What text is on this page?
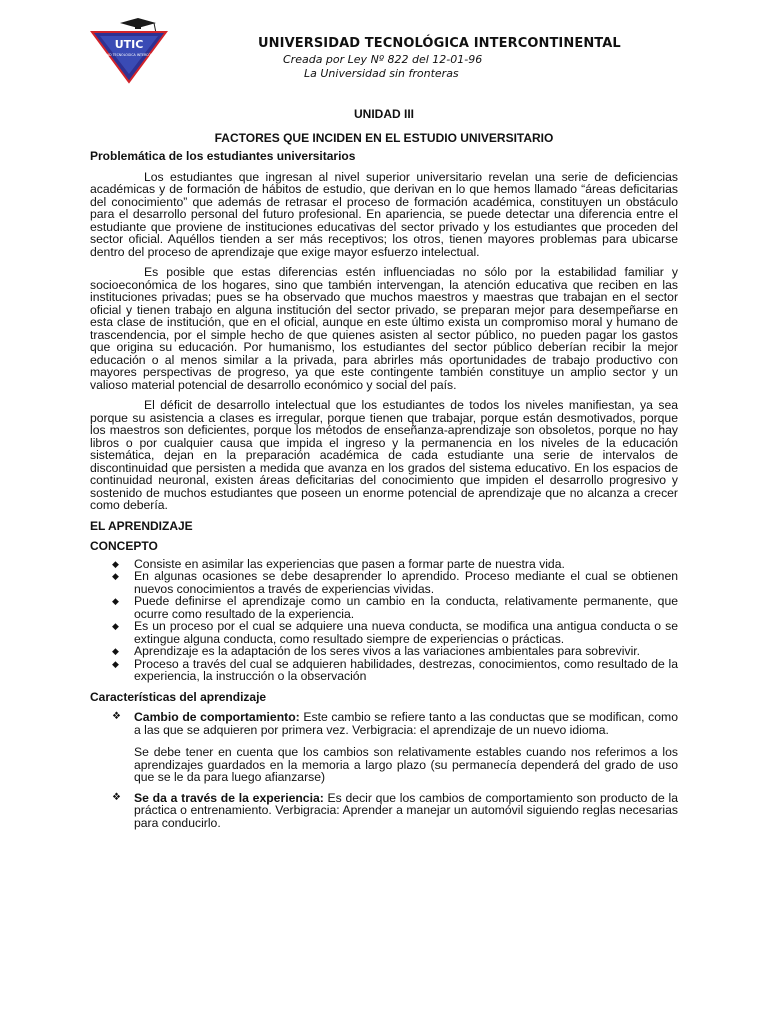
UTIC
UNIVERSIDAD TECNOLOGICA INTERCONTINENTAL
UNIVERSIDAD TECNOLÓGICA INTERCONTINENTAL
Creada por Ley Nº 822 del 12-01-96
La Universidad sin fronteras
UNIDAD III
FACTORES QUE INCIDEN EN EL ESTUDIO UNIVERSITARIO
Problemática de los estudiantes universitarios

Los estudiantes que ingresan al nivel superior universitario revelan una serie de deficiencias académicas y de formación de hábitos de estudio, que derivan en lo que hemos llamado “áreas deficitarias del conocimiento” que además de retrasar el proceso de formación académica, constituyen un obstáculo para el desarrollo personal del futuro profesional. En apariencia, se puede detectar una diferencia entre el estudiante que proviene de instituciones educativas del sector privado y los estudiantes que proceden del sector oficial. Aquéllos tienden a ser más receptivos; los otros, tienen mayores problemas para ubicarse dentro del proceso de aprendizaje que exige mayor esfuerzo intelectual.

Es posible que estas diferencias estén influenciadas no sólo por la estabilidad familiar y socioeconómica de los hogares, sino que también intervengan, la atención educativa que reciben en las instituciones privadas; pues se ha observado que muchos maestros y maestras que trabajan en el sector oficial y tienen trabajo en alguna institución del sector privado, se preparan mejor para desempeñarse en esta clase de institución, que en el oficial, aunque en este último exista un compromiso moral y humano de trascendencia, por el simple hecho de que quienes asisten al sector público, no pueden pagar los gastos que origina su educación. Por humanismo, los estudiantes del sector público deberían recibir la mejor educación o al menos similar a la privada, para abrirles más oportunidades de trabajo productivo con mayores perspectivas de progreso, ya que este contingente también constituye un amplio sector y un valioso material potencial de desarrollo económico y social del país.

El déficit de desarrollo intelectual que los estudiantes de todos los niveles manifiestan, ya sea porque su asistencia a clases es irregular, porque tienen que trabajar, porque están desmotivados, porque los maestros son deficientes, porque los métodos de enseñanza-aprendizaje son obsoletos, porque no hay libros o por cualquier causa que impida el ingreso y la permanencia en los niveles de la educación sistemática, dejan en la preparación académica de cada estudiante una serie de intervalos de discontinuidad que persisten a medida que avanza en los grados del sistema educativo. En los espacios de continuidad neuronal, existen áreas deficitarias del conocimiento que impiden el desarrollo progresivo y sostenido de muchos estudiantes que poseen un enorme potencial de aprendizaje que no alcanza a crecer como debería.

EL APRENDIZAJE
CONCEPTO
◆ Consiste en asimilar las experiencias que pasen a formar parte de nuestra vida.
◆ En algunas ocasiones se debe desaprender lo aprendido. Proceso mediante el cual se obtienen nuevos conocimientos a través de experiencias vividas.
◆ Puede definirse el aprendizaje como un cambio en la conducta, relativamente permanente, que ocurre como resultado de la experiencia.
◆ Es un proceso por el cual se adquiere una nueva conducta, se modifica una antigua conducta o se extingue alguna conducta, como resultado siempre de experiencias o prácticas.
◆ Aprendizaje es la adaptación de los seres vivos a las variaciones ambientales para sobrevivir.
◆ Proceso a través del cual se adquieren habilidades, destrezas, conocimientos, como resultado de la experiencia, la instrucción o la observación
Características del aprendizaje
❖ Cambio de comportamiento: Este cambio se refiere tanto a las conductas que se modifican, como a las que se adquieren por primera vez. Verbigracia: el aprendizaje de un nuevo idioma.
Se debe tener en cuenta que los cambios son relativamente estables cuando nos referimos a los aprendizajes guardados en la memoria a largo plazo (su permanecía dependerá del grado de uso que se le da para luego afianzarse)
❖ Se da a través de la experiencia: Es decir que los cambios de comportamiento son producto de la práctica o entrenamiento. Verbigracia: Aprender a manejar un automóvil siguiendo reglas necesarias para conducirlo.
